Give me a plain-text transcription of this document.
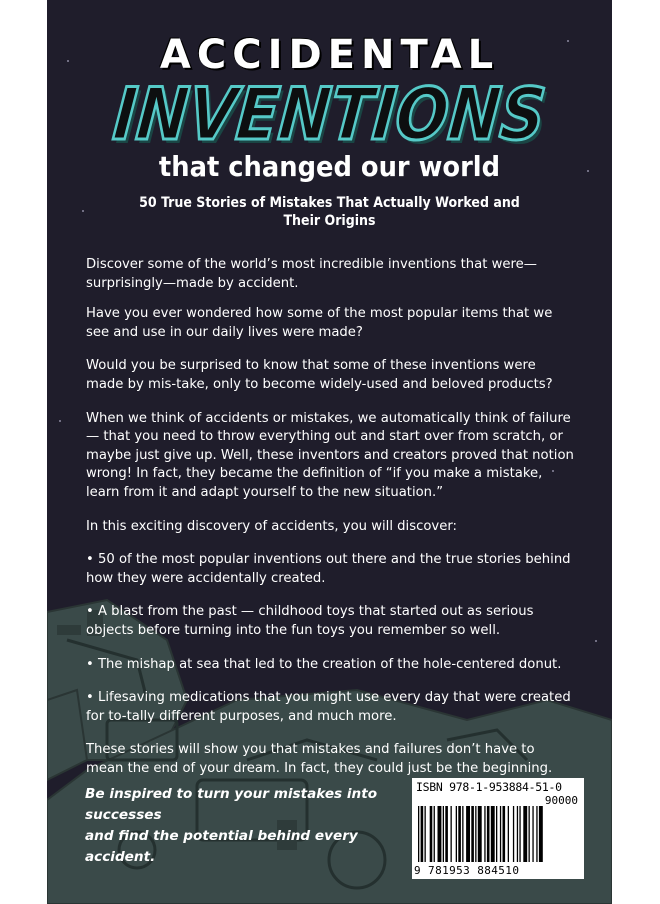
ACCIDENTAL
INVENTIONS
that changed our world

50 True Stories of Mistakes That Actually Worked and Their Origins

Discover some of the world’s most incredible inventions that were—surprisingly—made by accident.

Have you ever wondered how some of the most popular items that we see and use in our daily lives were made?

Would you be surprised to know that some of these inventions were made by mis-take, only to become widely-used and beloved products?

When we think of accidents or mistakes, we automatically think of failure — that you need to throw everything out and start over from scratch, or maybe just give up. Well, these inventors and creators proved that notion wrong! In fact, they became the definition of “if you make a mistake, learn from it and adapt yourself to the new situation.”

In this exciting discovery of accidents, you will discover:

• 50 of the most popular inventions out there and the true stories behind how they were accidentally created.

• A blast from the past — childhood toys that started out as serious objects before turning into the fun toys you remember so well.

• The mishap at sea that led to the creation of the hole-centered donut.

• Lifesaving medications that you might use every day that were created for to-tally different purposes, and much more.

These stories will show you that mistakes and failures don’t have to mean the end of your dream. In fact, they could just be the beginning.

Be inspired to turn your mistakes into successes
and find the potential behind every accident.
ISBN 978-1-953884-51-0
90000
9 781953 884510
